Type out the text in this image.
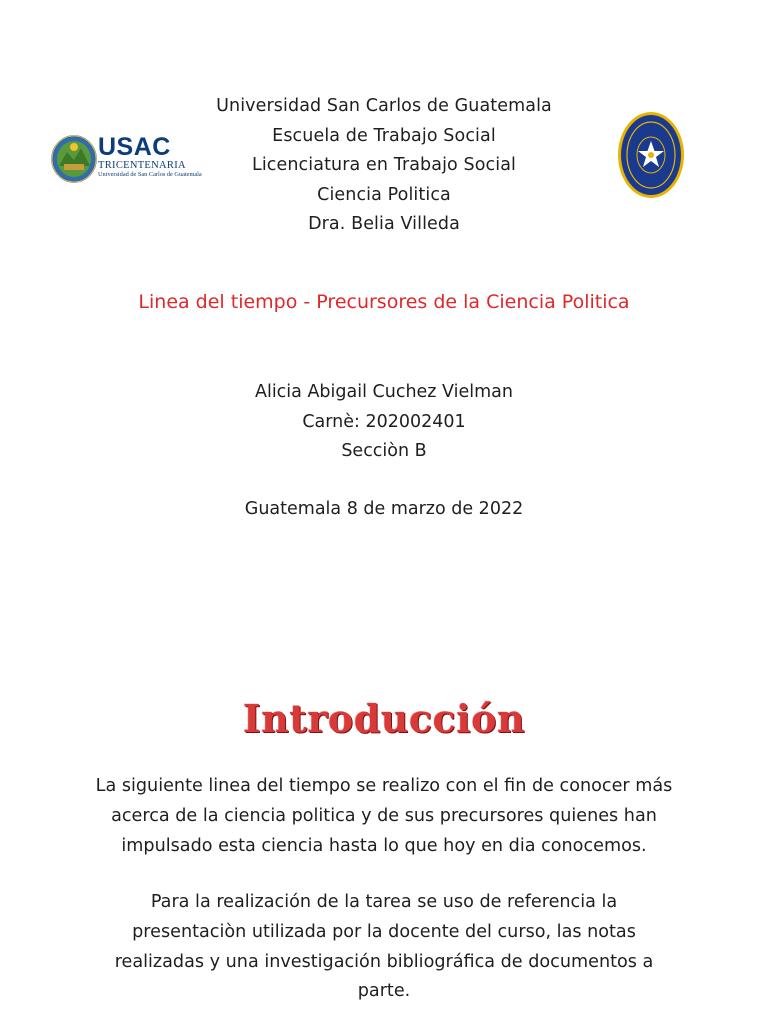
USAC
TRICENTENARIA
Universidad de San Carlos de Guatemala
Universidad San Carlos de Guatemala
Escuela de Trabajo Social
Licenciatura en Trabajo Social
Ciencia Politica
Dra. Belia Villeda
Linea del tiempo - Precursores de la Ciencia Politica
Alicia Abigail Cuchez Vielman
Carnè: 202002401
Secciòn B
Guatemala 8 de marzo de 2022
Introducción
La siguiente linea del tiempo se realizo con el fin de conocer más
acerca de la ciencia politica y de sus precursores quienes han
impulsado esta ciencia hasta lo que hoy en dia conocemos.
Para la realización de la tarea se uso de referencia la
presentaciòn utilizada por la docente del curso, las notas
realizadas y una investigación bibliográfica de documentos a
parte.
